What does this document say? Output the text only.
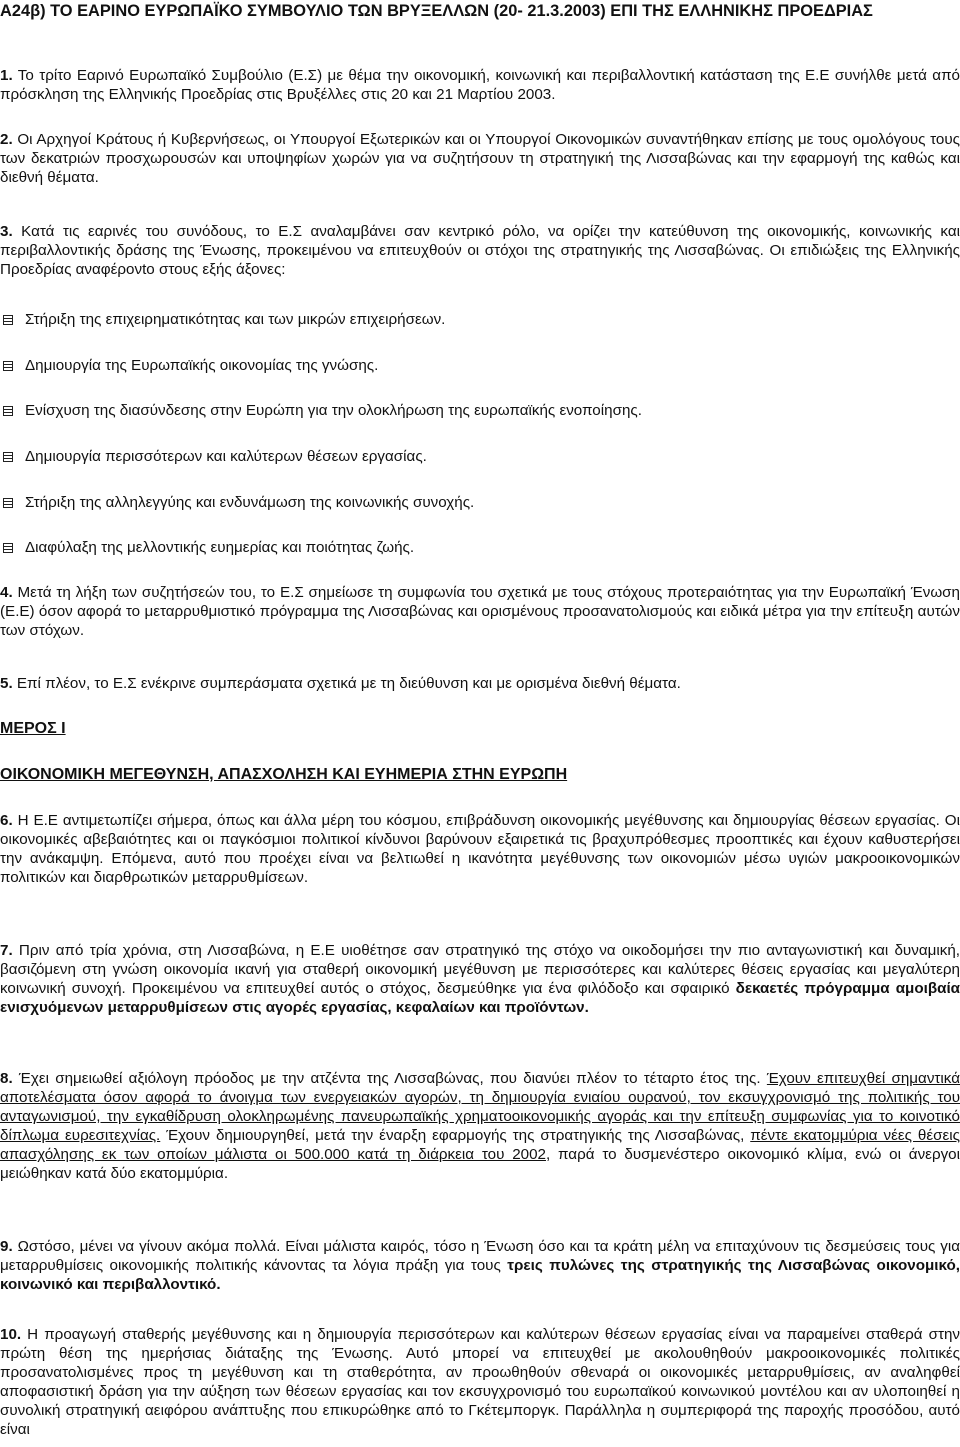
A24β) ΤΟ ΕΑΡΙΝΟ ΕΥΡΩΠΑΪΚΟ ΣΥΜΒΟΥΛΙΟ ΤΩΝ ΒΡΥΞΕΛΛΩΝ (20- 21.3.2003) ΕΠΙ ΤΗΣ ΕΛΛΗΝΙΚΗΣ ΠΡΟΕΔΡΙΑΣ

1. Το τρίτο Εαρινό Ευρωπαϊκό Συμβούλιο (Ε.Σ) με θέμα την οικονομική, κοινωνική και περιβαλλοντική κατάσταση της Ε.Ε συνήλθε μετά από πρόσκληση της Ελληνικής Προεδρίας στις Βρυξέλλες στις 20 και 21 Μαρτίου 2003.

2. Οι Αρχηγοί Κράτους ή Κυβερνήσεως, οι Υπουργοί Εξωτερικών και οι Υπουργοί Οικονομικών συναντήθηκαν επίσης με τους ομολόγους τους των δεκατριών προσχωρουσών και υποψηφίων χωρών για να συζητήσουν τη στρατηγική της Λισσαβώνας και την εφαρμογή της καθώς και διεθνή θέματα.

3. Κατά τις εαρινές του συνόδους, το Ε.Σ αναλαμβάνει σαν κεντρικό ρόλο, να ορίζει την κατεύθυνση της οικονομικής, κοινωνικής και περιβαλλοντικής δράσης της Ένωσης, προκειμένου να επιτευχθούν οι στόχοι της στρατηγικής της Λισσαβώνας. Οι επιδιώξεις της Ελληνικής Προεδρίας αναφέρονto στους εξής άξονες:

Στήριξη της επιχειρηματικότητας και των μικρών επιχειρήσεων.

Δημιουργία της Ευρωπαϊκής οικονομίας της γνώσης.

Ενίσχυση της διασύνδεσης στην Ευρώπη για την ολοκλήρωση της ευρωπαϊκής ενοποίησης.

Δημιουργία περισσότερων και καλύτερων θέσεων εργασίας.

Στήριξη της αλληλεγγύης και ενδυνάμωση της κοινωνικής συνοχής.

Διαφύλαξη της μελλοντικής ευημερίας και ποιότητας ζωής.

4. Μετά τη λήξη των συζητήσεών του, το Ε.Σ σημείωσε τη συμφωνία του σχετικά με τους στόχους προτεραιότητας για την Ευρωπαϊκή Ένωση (Ε.Ε) όσον αφορά το μεταρρυθμιστικό πρόγραμμα της Λισσαβώνας και ορισμένους προσανατολισμούς και ειδικά μέτρα για την επίτευξη αυτών των στόχων.

5. Επί πλέον, το Ε.Σ ενέκρινε συμπεράσματα σχετικά με τη διεύθυνση και με ορισμένα διεθνή θέματα.

ΜΕΡΟΣ Ι

ΟΙΚΟΝΟΜΙΚΗ ΜΕΓΕΘΥΝΣΗ, ΑΠΑΣΧΟΛΗΣΗ ΚΑΙ ΕΥΗΜΕΡΙΑ ΣΤΗΝ ΕΥΡΩΠΗ

6. Η Ε.Ε αντιμετωπίζει σήμερα, όπως και άλλα μέρη του κόσμου, επιβράδυνση οικονομικής μεγέθυνσης και δημιουργίας θέσεων εργασίας. Οι οικονομικές αβεβαιότητες και οι παγκόσμιοι πολιτικοί κίνδυνοι βαρύνουν εξαιρετικά τις βραχυπρόθεσμες προοπτικές και έχουν καθυστερήσει την ανάκαμψη. Επόμενα, αυτό που προέχει είναι να βελτιωθεί η ικανότητα μεγέθυνσης των οικονομιών μέσω υγιών μακροοικονομικών πολιτικών και διαρθρωτικών μεταρρυθμίσεων.

7. Πριν από τρία χρόνια, στη Λισσαβώνα, η Ε.Ε υιοθέτησε σαν στρατηγικό της στόχο να οικοδομήσει την πιο ανταγωνιστική και δυναμική, βασιζόμενη στη γνώση οικονομία ικανή για σταθερή οικονομική μεγέθυνση με περισσότερες και καλύτερες θέσεις εργασίας και μεγαλύτερη κοινωνική συνοχή. Προκειμένου να επιτευχθεί αυτός ο στόχος, δεσμεύθηκε για ένα φιλόδοξο και σφαιρικό δεκαετές πρόγραμμα αμοιβαία ενισχυόμενων μεταρρυθμίσεων στις αγορές εργασίας, κεφαλαίων και προϊόντων.

8. Έχει σημειωθεί αξιόλογη πρόοδος με την ατζέντα της Λισσαβώνας, που διανύει πλέον το τέταρτο έτος της. Έχουν επιτευχθεί σημαντικά αποτελέσματα όσον αφορά το άνοιγμα των ενεργειακών αγορών, τη δημιουργία ενιαίου ουρανού, τον εκσυγχρονισμό της πολιτικής του ανταγωνισμού, την εγκαθίδρυση ολοκληρωμένης πανευρωπαϊκής χρηματοοικονομικής αγοράς και την επίτευξη συμφωνίας για το κοινοτικό δίπλωμα ευρεσιτεχνίας. Έχουν δημιουργηθεί, μετά την έναρξη εφαρμογής της στρατηγικής της Λισσαβώνας, πέντε εκατομμύρια νέες θέσεις απασχόλησης εκ των οποίων μάλιστα οι 500.000 κατά τη διάρκεια του 2002, παρά το δυσμενέστερο οικονομικό κλίμα, ενώ οι άνεργοι μειώθηκαν κατά δύο εκατομμύρια.

9. Ωστόσο, μένει να γίνουν ακόμα πολλά. Είναι μάλιστα καιρός, τόσο η Ένωση όσο και τα κράτη μέλη να επιταχύνουν τις δεσμεύσεις τους για μεταρρυθμίσεις οικονομικής πολιτικής κάνοντας τα λόγια πράξη για τους τρεις πυλώνες της στρατηγικής της Λισσαβώνας οικονομικό, κοινωνικό και περιβαλλοντικό.

10. Η προαγωγή σταθερής μεγέθυνσης και η δημιουργία περισσότερων και καλύτερων θέσεων εργασίας είναι να παραμείνει σταθερά στην πρώτη θέση της ημερήσιας διάταξης της Ένωσης. Αυτό μπορεί να επιτευχθεί με ακολουθηθούν μακροοικονομικές πολιτικές προσανατολισμένες προς τη μεγέθυνση και τη σταθερότητα, αν προωθηθούν σθεναρά οι οικονομικές μεταρρυθμίσεις, αν αναληφθεί αποφασιστική δράση για την αύξηση των θέσεων εργασίας και τον εκσυγχρονισμό του ευρωπαϊκού κοινωνικού μοντέλου και αν υλοποιηθεί η συνολική στρατηγική αειφόρου ανάπτυξης που επικυρώθηκε από το Γκέτεμποργκ. Παράλληλα η συμπεριφορά της παροχής προσόδου, αυτό είναι
